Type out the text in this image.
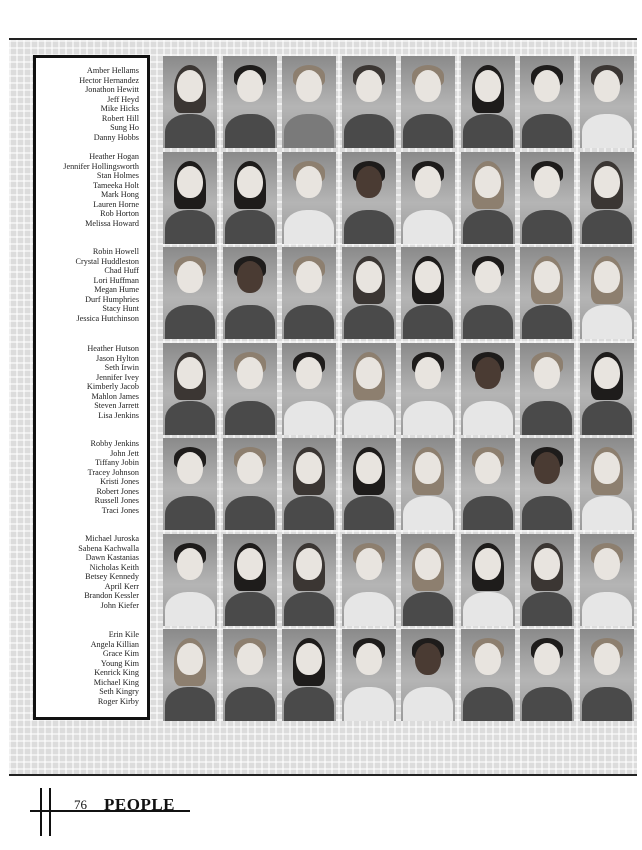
Amber Hellams
Hector Hernandez
Jonathon Hewitt
Jeff Heyd
Mike Hicks
Robert Hill
Sung Ho
Danny Hobbs
Heather Hogan
Jennifer Hollingsworth
Stan Holmes
Tameeka Holt
Mark Hong
Lauren Horne
Rob Horton
Melissa Howard
Robin Howell
Crystal Huddleston
Chad Huff
Lori Huffman
Megan Hume
Durf Humphries
Stacy Hunt
Jessica Hutchinson
Heather Hutson
Jason Hylton
Seth Irwin
Jennifer Ivey
Kimberly Jacob
Mahlon James
Steven Jarrett
Lisa Jenkins
Robby Jenkins
John Jett
Tiffany Jobin
Tracey Johnson
Kristi Jones
Robert Jones
Russell Jones
Traci Jones
Michael Juroska
Sabena Kachwalla
Dawn Kastanias
Nicholas Keith
Betsey Kennedy
April Kerr
Brandon Kessler
John Kiefer
Erin Kile
Angela Killian
Grace Kim
Young Kim
Kenrick King
Michael King
Seth Kingry
Roger Kirby
76 PEOPLE
